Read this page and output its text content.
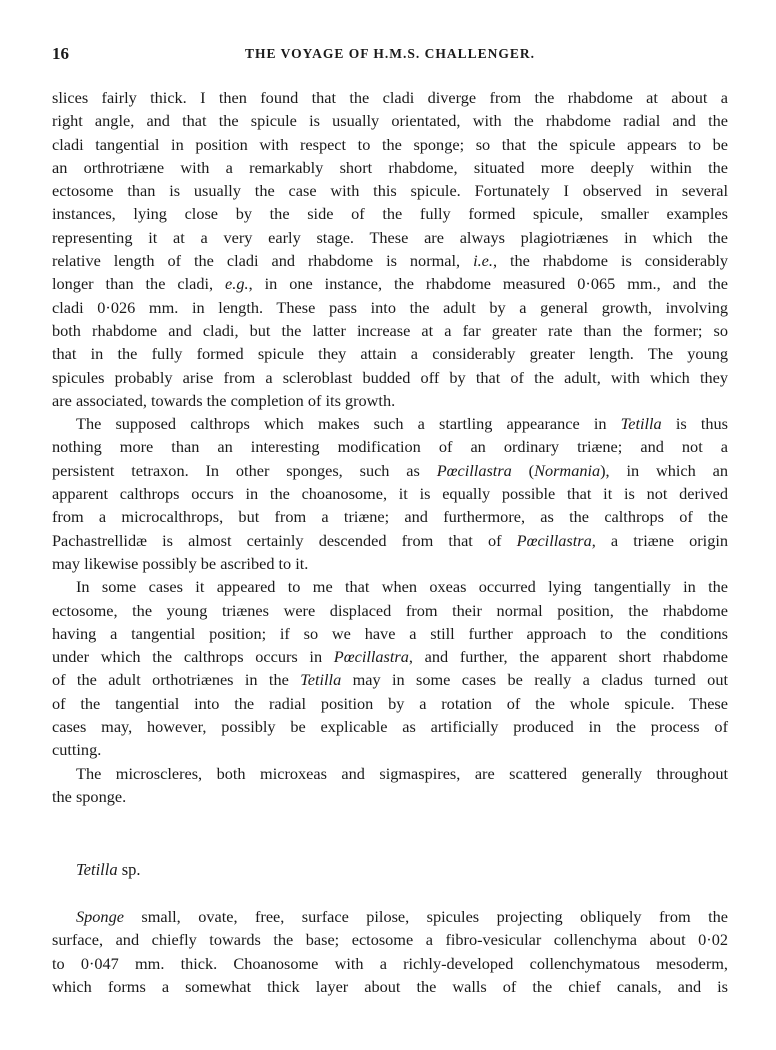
16	THE VOYAGE OF H.M.S. CHALLENGER.
slices fairly thick. I then found that the cladi diverge from the rhabdome at about a
right angle, and that the spicule is usually orientated, with the rhabdome radial and the
cladi tangential in position with respect to the sponge; so that the spicule appears to be
an orthrotriæne with a remarkably short rhabdome, situated more deeply within the
ectosome than is usually the case with this spicule. Fortunately I observed in several
instances, lying close by the side of the fully formed spicule, smaller examples
representing it at a very early stage. These are always plagiotriænes in which the
relative length of the cladi and rhabdome is normal, i.e., the rhabdome is considerably
longer than the cladi, e.g., in one instance, the rhabdome measured 0·065 mm., and the
cladi 0·026 mm. in length. These pass into the adult by a general growth, involving
both rhabdome and cladi, but the latter increase at a far greater rate than the former; so
that in the fully formed spicule they attain a considerably greater length. The young
spicules probably arise from a scleroblast budded off by that of the adult, with which they
are associated, towards the completion of its growth.
The supposed calthrops which makes such a startling appearance in Tetilla is thus
nothing more than an interesting modification of an ordinary triæne; and not a
persistent tetraxon. In other sponges, such as Pœcillastra (Normania), in which an
apparent calthrops occurs in the choanosome, it is equally possible that it is not derived
from a microcalthrops, but from a triæne; and furthermore, as the calthrops of the
Pachastrellidæ is almost certainly descended from that of Pœcillastra, a triæne origin
may likewise possibly be ascribed to it.
In some cases it appeared to me that when oxeas occurred lying tangentially in the
ectosome, the young triænes were displaced from their normal position, the rhabdome
having a tangential position; if so we have a still further approach to the conditions
under which the calthrops occurs in Pœcillastra, and further, the apparent short rhabdome
of the adult orthotriænes in the Tetilla may in some cases be really a cladus turned out
of the tangential into the radial position by a rotation of the whole spicule. These
cases may, however, possibly be explicable as artificially produced in the process of
cutting.
The microscleres, both microxeas and sigmaspires, are scattered generally throughout
the sponge.
Tetilla sp.
Sponge small, ovate, free, surface pilose, spicules projecting obliquely from the
surface, and chiefly towards the base; ectosome a fibro-vesicular collenchyma about 0·02
to 0·047 mm. thick. Choanosome with a richly-developed collenchymatous mesoderm,
which forms a somewhat thick layer about the walls of the chief canals, and is
